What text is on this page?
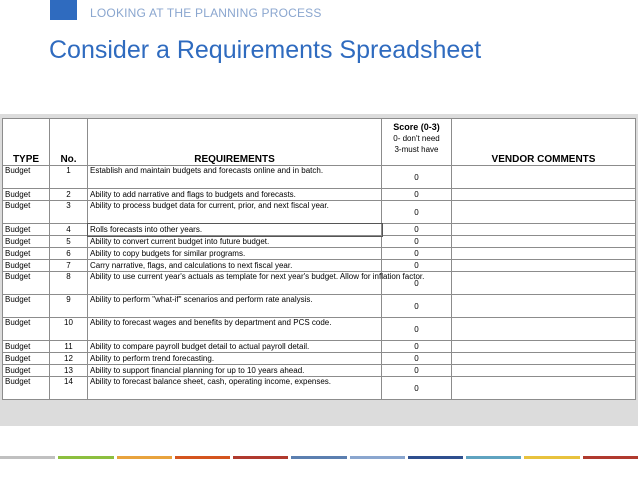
LOOKING AT THE PLANNING PROCESS
Consider a Requirements Spreadsheet
TYPE	No.	REQUIREMENTS	Score (0-3)
0- don't need
3-must have	VENDOR COMMENTS
Budget	1	Establish and maintain budgets and forecasts online and in batch.	0	
Budget	2	Ability to add narrative and flags to budgets and forecasts.	0	
Budget	3	Ability to process budget data for current, prior, and next fiscal year.	0	
Budget	4	Rolls forecasts into other years.	0	
Budget	5	Ability to convert current budget into future budget.	0	
Budget	6	Ability to copy budgets for similar programs.	0	
Budget	7	Carry narrative, flags, and calculations to next fiscal year.	0	
Budget	8	Ability to use current year's actuals as template for next year's budget. Allow for inflation factor.	0	
Budget	9	Ability to perform "what-if" scenarios and perform rate analysis.	0	
Budget	10	Ability to forecast wages and benefits by department and PCS code.	0	
Budget	11	Ability to compare payroll budget detail to actual payroll detail.	0	
Budget	12	Ability to perform trend forecasting.	0	
Budget	13	Ability to support financial planning for up to 10 years ahead.	0	
Budget	14	Ability to forecast balance sheet, cash, operating income, expenses.	0	
